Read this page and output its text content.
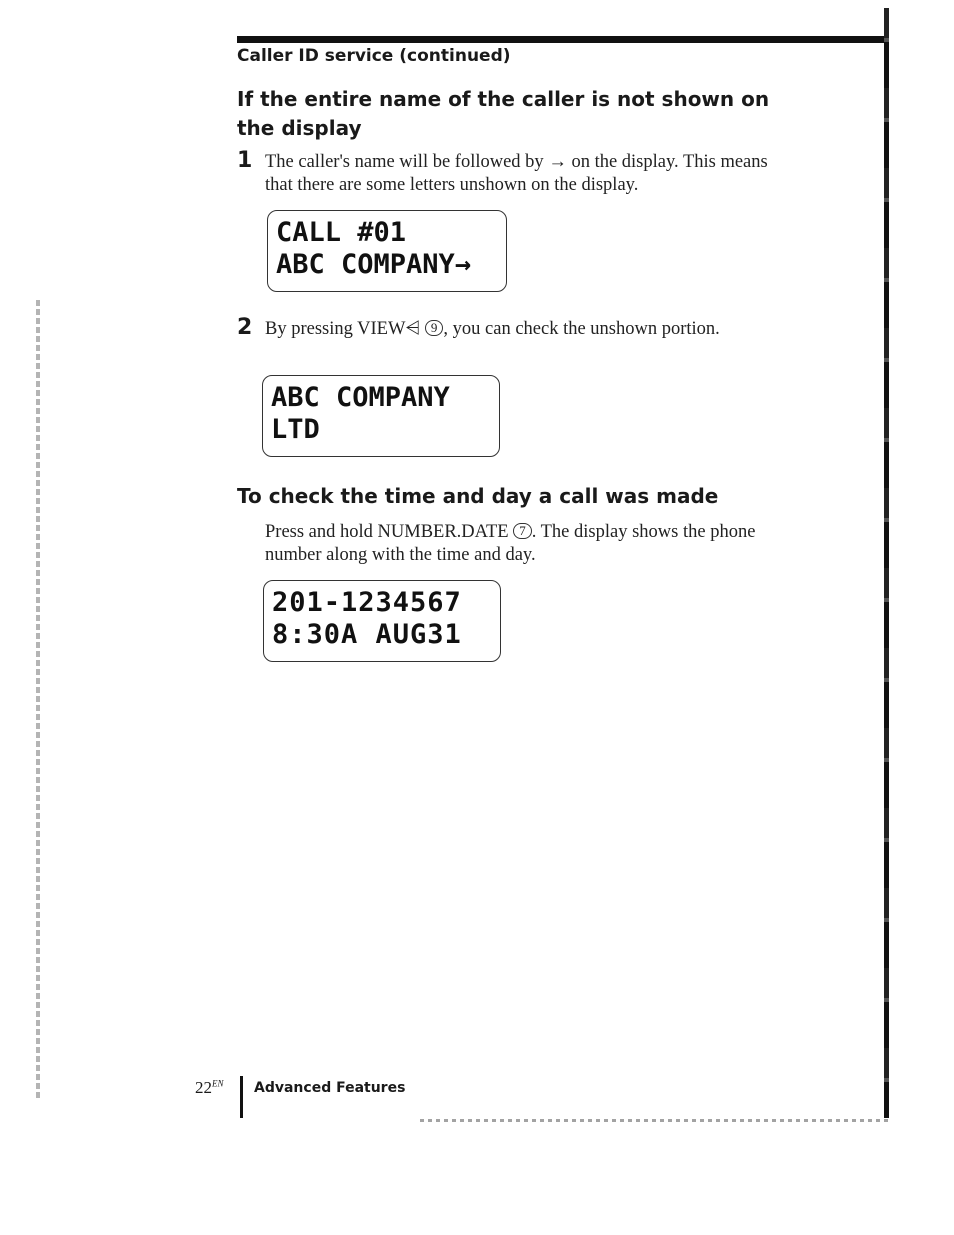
Caller ID service (continued)
If the entire name of the caller is not shown on the display
1 The caller's name will be followed by → on the display. This means that there are some letters unshown on the display.
CALL #01
ABC COMPANY→
2 By pressing VIEW⩤ 9 , you can check the unshown portion.
ABC COMPANY
LTD
To check the time and day a call was made
Press and hold NUMBER.DATE 7 . The display shows the phone number along with the time and day.
201-1234567
8:30A AUG31
$22^{EN}$ Advanced Features
